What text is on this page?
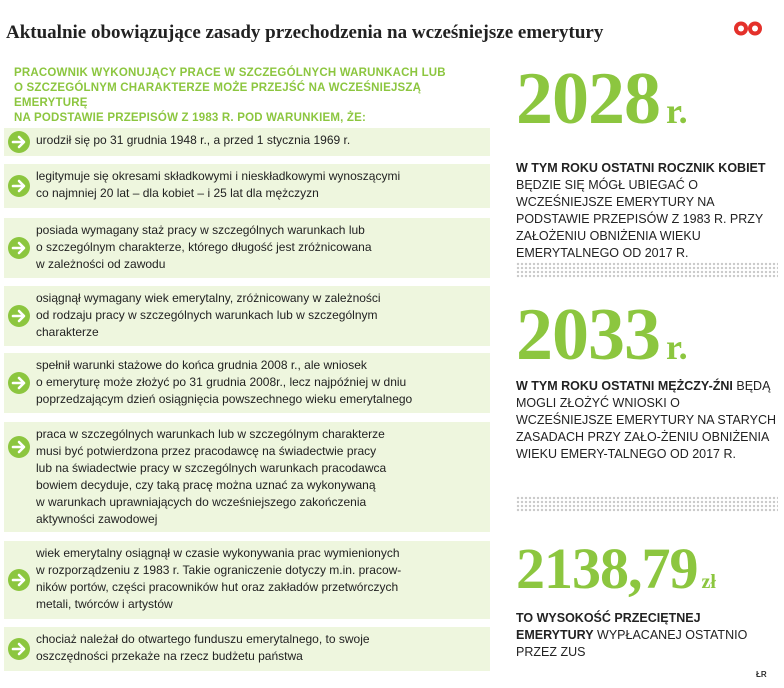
Aktualnie obowiązujące zasady przechodzenia na wcześniejsze emerytury
PRACOWNIK WYKONUJĄCY PRACE W SZCZEGÓLNYCH WARUNKACH LUB
O SZCZEGÓLNYM CHARAKTERZE MOŻE PRZEJŚĆ NA WCZEŚNIEJSZĄ EMERYTURĘ
NA PODSTAWIE PRZEPISÓW Z 1983 R. POD WARUNKIEM, ŻE:
urodził się po 31 grudnia 1948 r., a przed 1 stycznia 1969 r.
legitymuje się okresami składkowymi i nieskładkowymi wynoszącymi
co najmniej 20 lat – dla kobiet – i 25 lat dla mężczyzn
posiada wymagany staż pracy w szczególnych warunkach lub
o szczególnym charakterze, którego długość jest zróżnicowana
w zależności od zawodu
osiągnął wymagany wiek emerytalny, zróżnicowany w zależności
od rodzaju pracy w szczególnych warunkach lub w szczególnym
charakterze
spełnił warunki stażowe do końca grudnia 2008 r., ale wniosek
o emeryturę może złożyć po 31 grudnia 2008r., lecz najpóźniej w dniu
poprzedzającym dzień osiągnięcia powszechnego wieku emerytalnego
praca w szczególnych warunkach lub w szczególnym charakterze
musi być potwierdzona przez pracodawcę na świadectwie pracy
lub na świadectwie pracy w szczególnych warunkach pracodawca
bowiem decyduje, czy taką pracę można uznać za wykonywaną
w warunkach uprawniających do wcześniejszego zakończenia
aktywności zawodowej
wiek emerytalny osiągnął w czasie wykonywania prac wymienionych
w rozporządzeniu z 1983 r. Takie ograniczenie dotyczy m.in. pracow-
ników portów, części pracowników hut oraz zakładów przetwórczych
metali, twórców i artystów
chociaż należał do otwartego funduszu emerytalnego, to swoje
oszczędności przekaże na rzecz budżetu państwa
2028 r.
W TYM ROKU OSTATNI ROCZNIK KOBIET BĘDZIE SIĘ MÓGŁ UBIEGAĆ O WCZEŚNIEJSZE EMERYTURY NA PODSTAWIE PRZEPISÓW Z 1983 R. PRZY ZAŁOŻENIU OBNIŻENIA WIEKU EMERYTALNEGO OD 2017 R.
2033 r.
W TYM ROKU OSTATNI MĘŻCZY-ŹNI BĘDĄ MOGLI ZŁOŻYĆ WNIOSKI O WCZEŚNIEJSZE EMERYTURY NA STARYCH ZASADACH PRZY ZAŁO-ŻENIU OBNIŻENIA WIEKU EMERY-TALNEGO OD 2017 R.
2138,79 zł
TO WYSOKOŚĆ PRZECIĘTNEJ EMERYTURY WYPŁACANEJ OSTATNIO PRZEZ ZUS
ŁR
